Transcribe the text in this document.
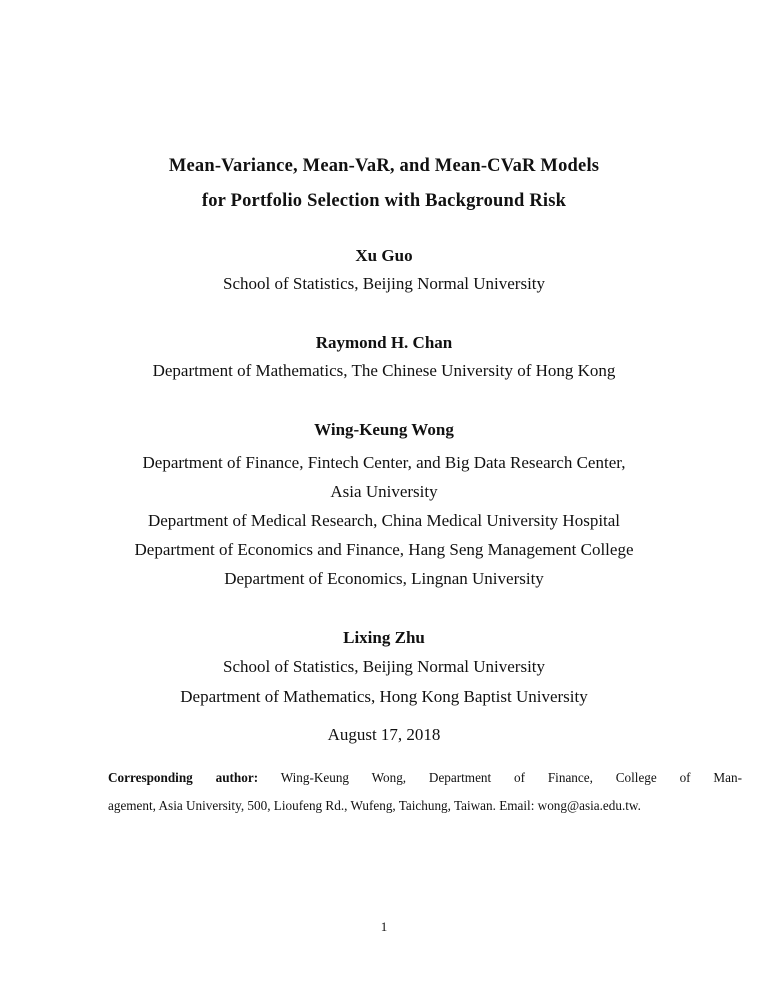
Mean-Variance, Mean-VaR, and Mean-CVaR Models
for Portfolio Selection with Background Risk
Xu Guo
School of Statistics, Beijing Normal University
Raymond H. Chan
Department of Mathematics, The Chinese University of Hong Kong
Wing-Keung Wong
Department of Finance, Fintech Center, and Big Data Research Center,
Asia University
Department of Medical Research, China Medical University Hospital
Department of Economics and Finance, Hang Seng Management College
Department of Economics, Lingnan University
Lixing Zhu
School of Statistics, Beijing Normal University
Department of Mathematics, Hong Kong Baptist University
August 17, 2018
Corresponding author: Wing-Keung Wong, Department of Finance, College of Man-
agement, Asia University, 500, Lioufeng Rd., Wufeng, Taichung, Taiwan. Email: wong@asia.edu.tw.
1
